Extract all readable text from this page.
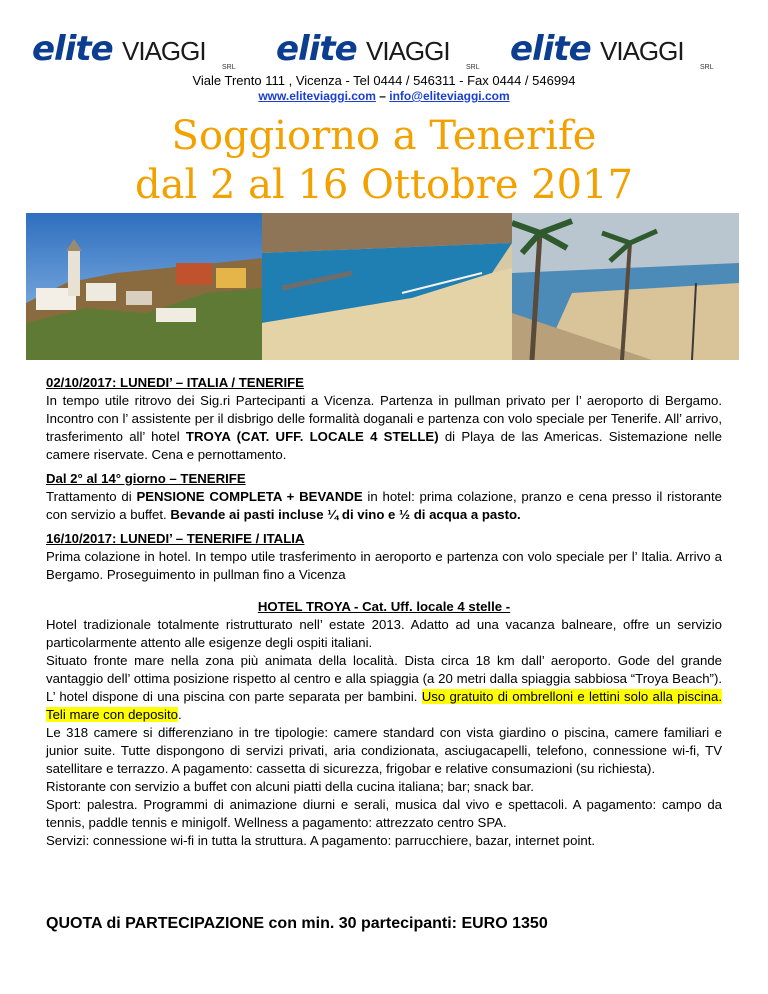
elite VIAGGI
SRL elite VIAGGI
SRL elite VIAGGI
SRL
Viale Trento 111 , Vicenza - Tel 0444 / 546311 - Fax 0444 / 546994
www.eliteviaggi.com – info@eliteviaggi.com
Soggiorno a Tenerife
dal 2 al 16 Ottobre 2017

02/10/2017: LUNEDI’ – ITALIA / TENERIFE

In tempo utile ritrovo dei Sig.ri Partecipanti a Vicenza. Partenza in pullman privato per l’ aeroporto di Bergamo. Incontro con l’ assistente per il disbrigo delle formalità doganali e partenza con volo speciale per Tenerife. All’ arrivo, trasferimento all’ hotel TROYA (CAT. UFF. LOCALE 4 STELLE) di Playa de las Americas. Sistemazione nelle camere riservate. Cena e pernottamento.

Dal 2° al 14° giorno – TENERIFE

Trattamento di PENSIONE COMPLETA + BEVANDE in hotel: prima colazione, pranzo e cena presso il ristorante con servizio a buffet. Bevande ai pasti incluse ¼ di vino e ½ di acqua a pasto.

16/10/2017: LUNEDI’ – TENERIFE / ITALIA

Prima colazione in hotel. In tempo utile trasferimento in aeroporto e partenza con volo speciale per l’ Italia. Arrivo a Bergamo. Proseguimento in pullman fino a Vicenza

HOTEL TROYA - Cat. Uff. locale 4 stelle -

Hotel tradizionale totalmente ristrutturato nell’ estate 2013. Adatto ad una vacanza balneare, offre un servizio particolarmente attento alle esigenze degli ospiti italiani.

Situato fronte mare nella zona più animata della località. Dista circa 18 km dall’ aeroporto. Gode del grande vantaggio dell’ ottima posizione rispetto al centro e alla spiaggia (a 20 metri dalla spiaggia sabbiosa “Troya Beach”). L’ hotel dispone di una piscina con parte separata per bambini. Uso gratuito di ombrelloni e lettini solo alla piscina. Teli mare con deposito.

Le 318 camere si differenziano in tre tipologie: camere standard con vista giardino o piscina, camere familiari e junior suite. Tutte dispongono di servizi privati, aria condizionata, asciugacapelli, telefono, connessione wi-fi, TV satellitare e terrazzo. A pagamento: cassetta di sicurezza, frigobar e relative consumazioni (su richiesta).

Ristorante con servizio a buffet con alcuni piatti della cucina italiana; bar; snack bar.

Sport: palestra. Programmi di animazione diurni e serali, musica dal vivo e spettacoli. A pagamento: campo da tennis, paddle tennis e minigolf. Wellness a pagamento: attrezzato centro SPA.

Servizi: connessione wi-fi in tutta la struttura. A pagamento: parrucchiere, bazar, internet point.

QUOTA di PARTECIPAZIONE con min. 30 partecipanti: EURO 1350
